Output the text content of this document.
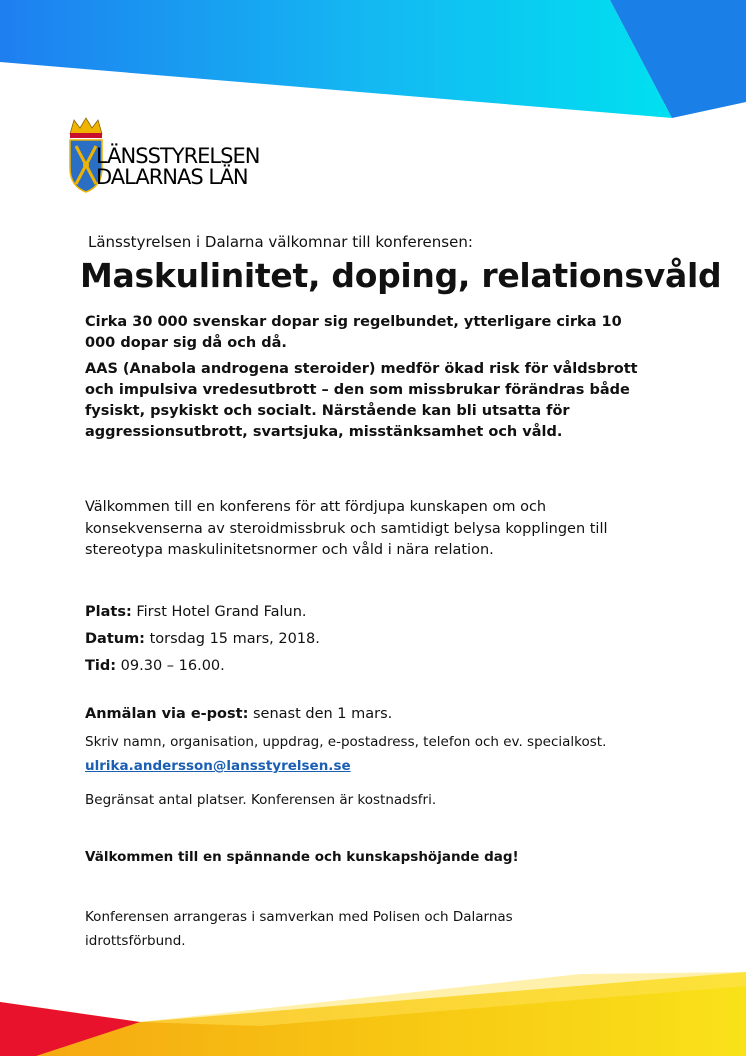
LÄNSSTYRELSEN
DALARNAS LÄN
Länsstyrelsen i Dalarna välkomnar till konferensen:
Maskulinitet, doping, relationsvåld
Cirka 30 000 svenskar dopar sig regelbundet, ytterligare cirka 10 000 dopar sig då och då.
AAS (Anabola androgena steroider) medför ökad risk för våldsbrott och impulsiva vredesutbrott – den som missbrukar förändras både fysiskt, psykiskt och socialt. Närstående kan bli utsatta för aggressionsutbrott, svartsjuka, misstänksamhet och våld.
Välkommen till en konferens för att fördjupa kunskapen om och konsekvenserna av steroidmissbruk och samtidigt belysa kopplingen till stereotypa maskulinitetsnormer och våld i nära relation.
Plats: First Hotel Grand Falun.
Datum: torsdag 15 mars, 2018.
Tid: 09.30 – 16.00.
Anmälan via e-post: senast den 1 mars.
Skriv namn, organisation, uppdrag, e-postadress, telefon och ev. specialkost.
ulrika.andersson@lansstyrelsen.se
Begränsat antal platser. Konferensen är kostnadsfri.
Välkommen till en spännande och kunskapshöjande dag!
Konferensen arrangeras i samverkan med Polisen och Dalarnas idrottsförbund.
